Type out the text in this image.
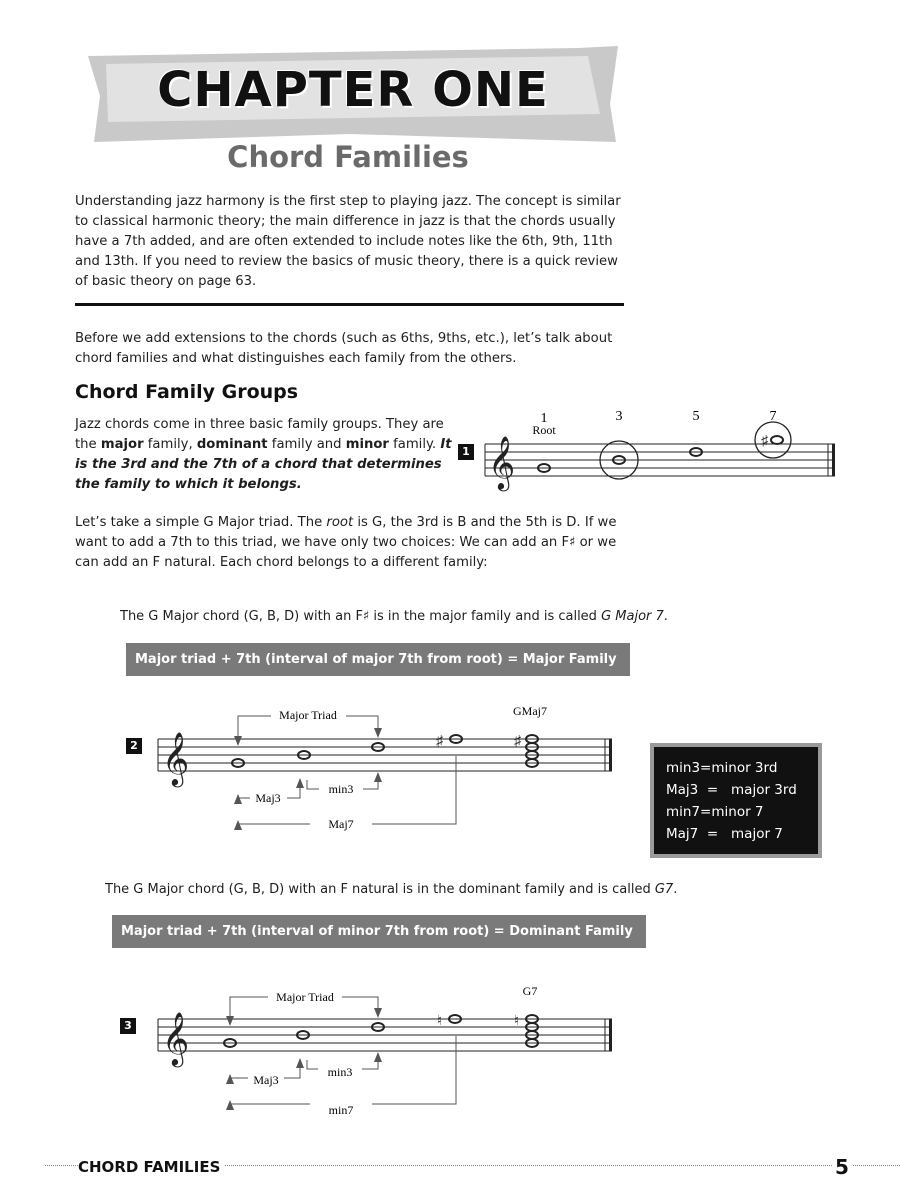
CHAPTER ONE
Chord Families
Understanding jazz harmony is the first step to playing jazz. The concept is similar to classical harmonic theory; the main difference in jazz is that the chords usually have a 7th added, and are often extended to include notes like the 6th, 9th, 11th and 13th. If you need to review the basics of music theory, there is a quick review of basic theory on page 63.
Before we add extensions to the chords (such as 6ths, 9ths, etc.), let’s talk about chord families and what distinguishes each family from the others.
Chord Family Groups
Jazz chords come in three basic family groups. They are the major family, dominant family and minor family. It is the 3rd and the 7th of a chord that determines the family to which it belongs.
1 𝄞
1
Root
3	5	7
♯
Let’s take a simple G Major triad. The root is G, the 3rd is B and the 5th is D. If we want to add a 7th to this triad, we have only two choices: We can add an F♯ or we can add an F natural. Each chord belongs to a different family:
The G Major chord (G, B, D) with an F♯ is in the major family and is called G Major 7.
Major triad + 7th (interval of major 7th from root) = Major Family Chord
2 𝄞
Major Triad
Maj3
min3
Maj7
GMaj7
♯	♯
min3=minor 3rd
Maj3  =   major 3rd
min7=minor 7
Maj7  =   major 7
The G Major chord (G, B, D) with an F natural is in the dominant family and is called G7.
Major triad + 7th (interval of minor 7th from root) = Dominant Family Chord
3 𝄞
Major Triad
Maj3
min3
min7
G7
♮	♮
CHORD FAMILIES	5
